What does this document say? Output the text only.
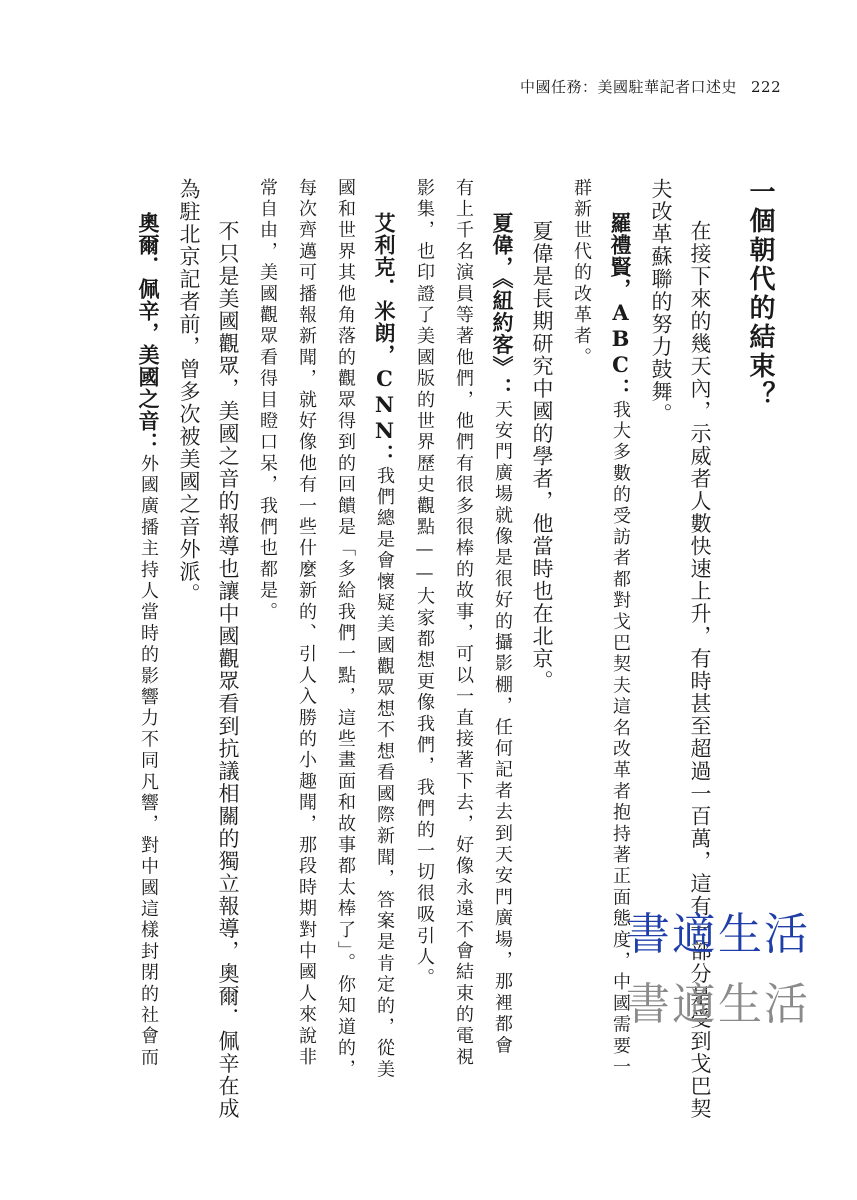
中國任務：美國駐華記者口述史 222
一個朝代的結束？
在接下來的幾天內，示威者人數快速上升，有時甚至超過一百萬，這有一部分是受到戈巴契
夫改革蘇聯的努力鼓舞。
羅禮賢，ABC：我大多數的受訪者都對戈巴契夫這名改革者抱持著正面態度，中國需要一
群新世代的改革者。
夏偉是長期研究中國的學者，他當時也在北京。
夏偉，《紐約客》：天安門廣場就像是很好的攝影棚，任何記者去到天安門廣場，那裡都會
有上千名演員等著他們，他們有很多很棒的故事，可以一直接著下去，好像永遠不會結束的電視
影集，也印證了美國版的世界歷史觀點——大家都想更像我們，我們的一切很吸引人。
艾利克．米朗，CNN：我們總是會懷疑美國觀眾想不想看國際新聞，答案是肯定的，從美
國和世界其他角落的觀眾得到的回饋是「多給我們一點，這些畫面和故事都太棒了」。你知道的，
每次齊邁可播報新聞，就好像他有一些什麼新的、引人入勝的小趣聞，那段時期對中國人來說非
常自由，美國觀眾看得目瞪口呆，我們也都是。
不只是美國觀眾，美國之音的報導也讓中國觀眾看到抗議相關的獨立報導，奧爾．佩辛在成
為駐北京記者前，曾多次被美國之音外派。
奧爾．佩辛，美國之音：外國廣播主持人當時的影響力不同凡響，對中國這樣封閉的社會而	書適生活
書適生活
